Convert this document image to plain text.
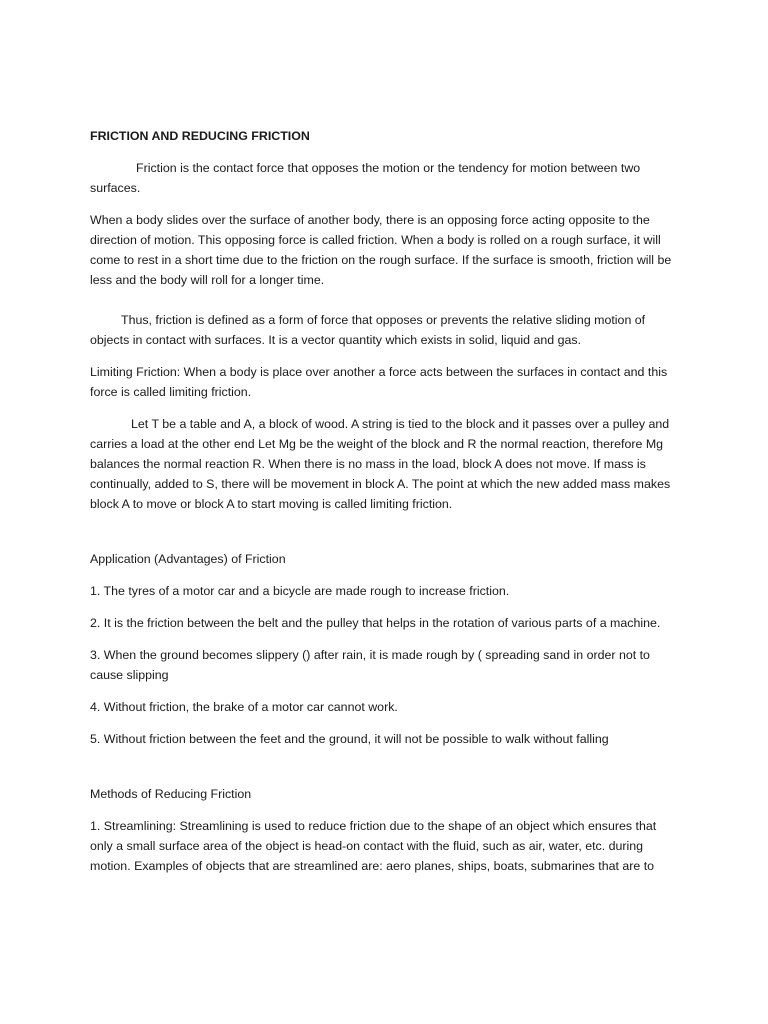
FRICTION AND REDUCING FRICTION

Friction is the contact force that opposes the motion or the tendency for motion between two surfaces.

When a body slides over the surface of another body, there is an opposing force acting opposite to the direction of motion. This opposing force is called friction. When a body is rolled on a rough surface, it will come to rest in a short time due to the friction on the rough surface. If the surface is smooth, friction will be less and the body will roll for a longer time.

Thus, friction is defined as a form of force that opposes or prevents the relative sliding motion of objects in contact with surfaces. It is a vector quantity which exists in solid, liquid and gas.

Limiting Friction: When a body is place over another a force acts between the surfaces in contact and this force is called limiting friction.

Let T be a table and A, a block of wood. A string is tied to the block and it passes over a pulley and carries a load at the other end Let Mg be the weight of the block and R the normal reaction, therefore Mg balances the normal reaction R. When there is no mass in the load, block A does not move. If mass is continually, added to S, there will be movement in block A. The point at which the new added mass makes block A to move or block A to start moving is called limiting friction.

Application (Advantages) of Friction

1. The tyres of a motor car and a bicycle are made rough to increase friction.

2. It is the friction between the belt and the pulley that helps in the rotation of various parts of a machine.

3. When the ground becomes slippery () after rain, it is made rough by ( spreading sand in order not to cause slipping

4. Without friction, the brake of a motor car cannot work.

5. Without friction between the feet and the ground, it will not be possible to walk without falling

Methods of Reducing Friction

1. Streamlining: Streamlining is used to reduce friction due to the shape of an object which ensures that only a small surface area of the object is head-on contact with the fluid, such as air, water, etc. during motion. Examples of objects that are streamlined are: aero planes, ships, boats, submarines that are to
